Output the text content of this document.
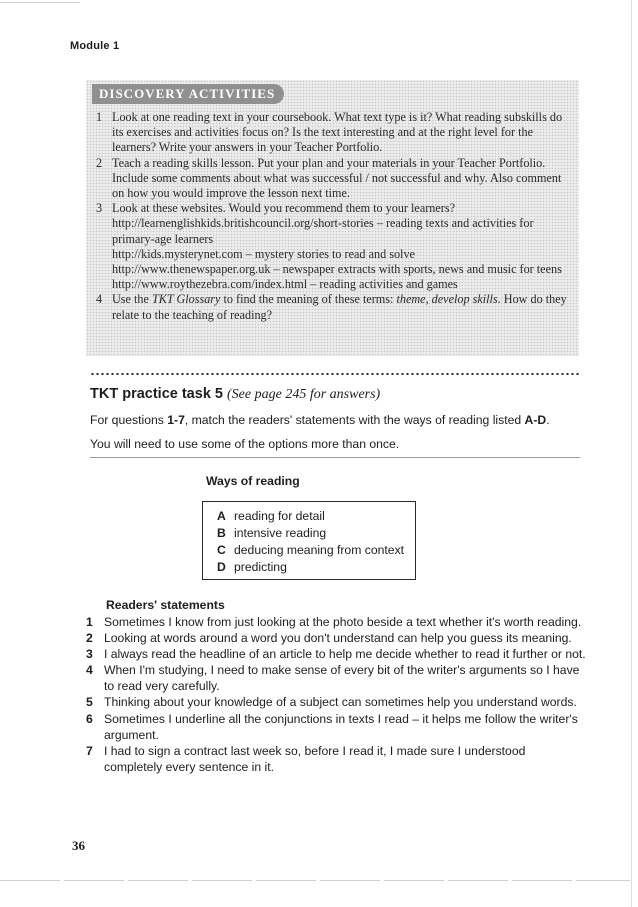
Module 1
DISCOVERY ACTIVITIES
1 Look at one reading text in your coursebook. What text type is it? What reading subskills do its exercises and activities focus on? Is the text interesting and at the right level for the learners? Write your answers in your Teacher Portfolio.
2 Teach a reading skills lesson. Put your plan and your materials in your Teacher Portfolio. Include some comments about what was successful / not successful and why. Also comment on how you would improve the lesson next time.
3 Look at these websites. Would you recommend them to your learners?
http://learnenglishkids.britishcouncil.org/short-stories – reading texts and activities for primary-age learners
http://kids.mysterynet.com – mystery stories to read and solve
http://www.thenewspaper.org.uk – newspaper extracts with sports, news and music for teens
http://www.roythezebra.com/index.html – reading activities and games
4 Use the TKT Glossary to find the meaning of these terms: theme, develop skills. How do they relate to the teaching of reading?
TKT practice task 5 (See page 245 for answers)
For questions 1-7, match the readers' statements with the ways of reading listed A-D.
You will need to use some of the options more than once.
Ways of reading
A reading for detail
B intensive reading
C deducing meaning from context
D predicting
Readers' statements
1 Sometimes I know from just looking at the photo beside a text whether it's worth reading.
2 Looking at words around a word you don't understand can help you guess its meaning.
3 I always read the headline of an article to help me decide whether to read it further or not.
4 When I'm studying, I need to make sense of every bit of the writer's arguments so I have to read very carefully.
5 Thinking about your knowledge of a subject can sometimes help you understand words.
6 Sometimes I underline all the conjunctions in texts I read – it helps me follow the writer's argument.
7 I had to sign a contract last week so, before I read it, I made sure I understood completely every sentence in it.
36
